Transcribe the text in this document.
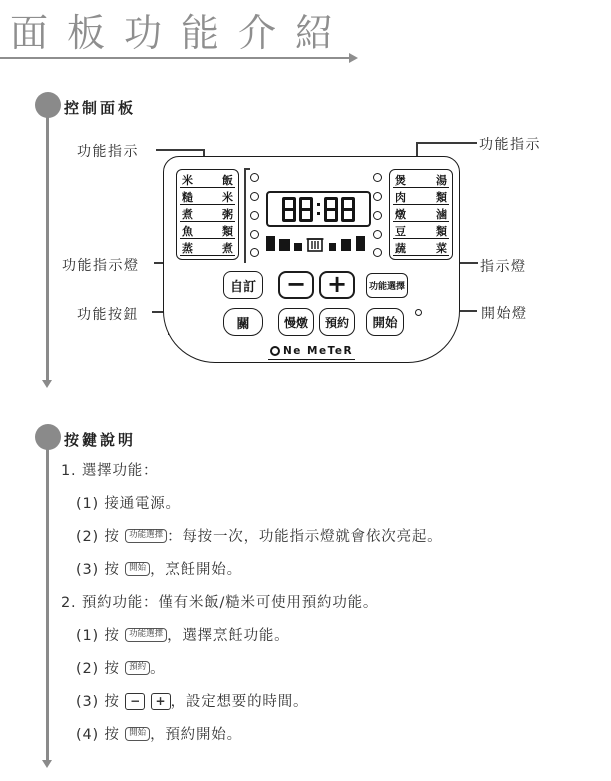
面板功能介紹
控制面板
功能指示
功能指示燈
功能按鈕
功能指示
指示燈
開始燈
米	飯
糙	米
煮	粥
魚	類
蒸	煮
煲	湯
肉	類
燉	滷
豆	類
蔬	菜
自訂	− +	功能選擇
關	慢燉	預約	開始
Ne MeTeR
按鍵說明
1. 選擇功能：
(1) 接通電源。
(2) 按 功能選擇 ：每按一次，功能指示燈就會依次亮起。
(3) 按 開始 ，烹飪開始。
2. 預約功能：僅有米飯/糙米可使用預約功能。
(1) 按 功能選擇 ，選擇烹飪功能。
(2) 按 預約 。
(3) 按 − + ，設定想要的時間。
(4) 按 開始 ，預約開始。
